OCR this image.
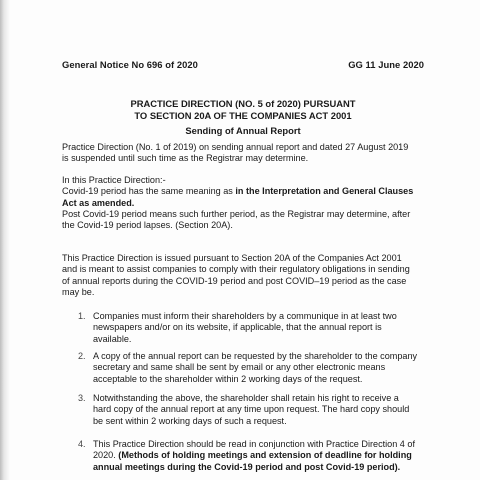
General Notice No 696 of 2020	GG 11 June 2020
PRACTICE DIRECTION (NO. 5 of 2020) PURSUANT
TO SECTION 20A OF THE COMPANIES ACT 2001
Sending of Annual Report
Practice Direction (No. 1 of 2019) on sending annual report and dated 27 August 2019
is suspended until such time as the Registrar may determine.
In this Practice Direction:-
Covid-19 period has the same meaning as in the Interpretation and General Clauses
Act as amended.
Post Covid-19 period means such further period, as the Registrar may determine, after
the Covid-19 period lapses. (Section 20A).
This Practice Direction is issued pursuant to Section 20A of the Companies Act 2001
and is meant to assist companies to comply with their regulatory obligations in sending
of annual reports during the COVID-19 period and post COVID–19 period as the case
may be.
1. Companies must inform their shareholders by a communique in at least two
newspapers and/or on its website, if applicable, that the annual report is
available.
2. A copy of the annual report can be requested by the shareholder to the company
secretary and same shall be sent by email or any other electronic means
acceptable to the shareholder within 2 working days of the request.
3. Notwithstanding the above, the shareholder shall retain his right to receive a
hard copy of the annual report at any time upon request. The hard copy should
be sent within 2 working days of such a request.
4. This Practice Direction should be read in conjunction with Practice Direction 4 of
2020. (Methods of holding meetings and extension of deadline for holding
annual meetings during the Covid-19 period and post Covid-19 period).
